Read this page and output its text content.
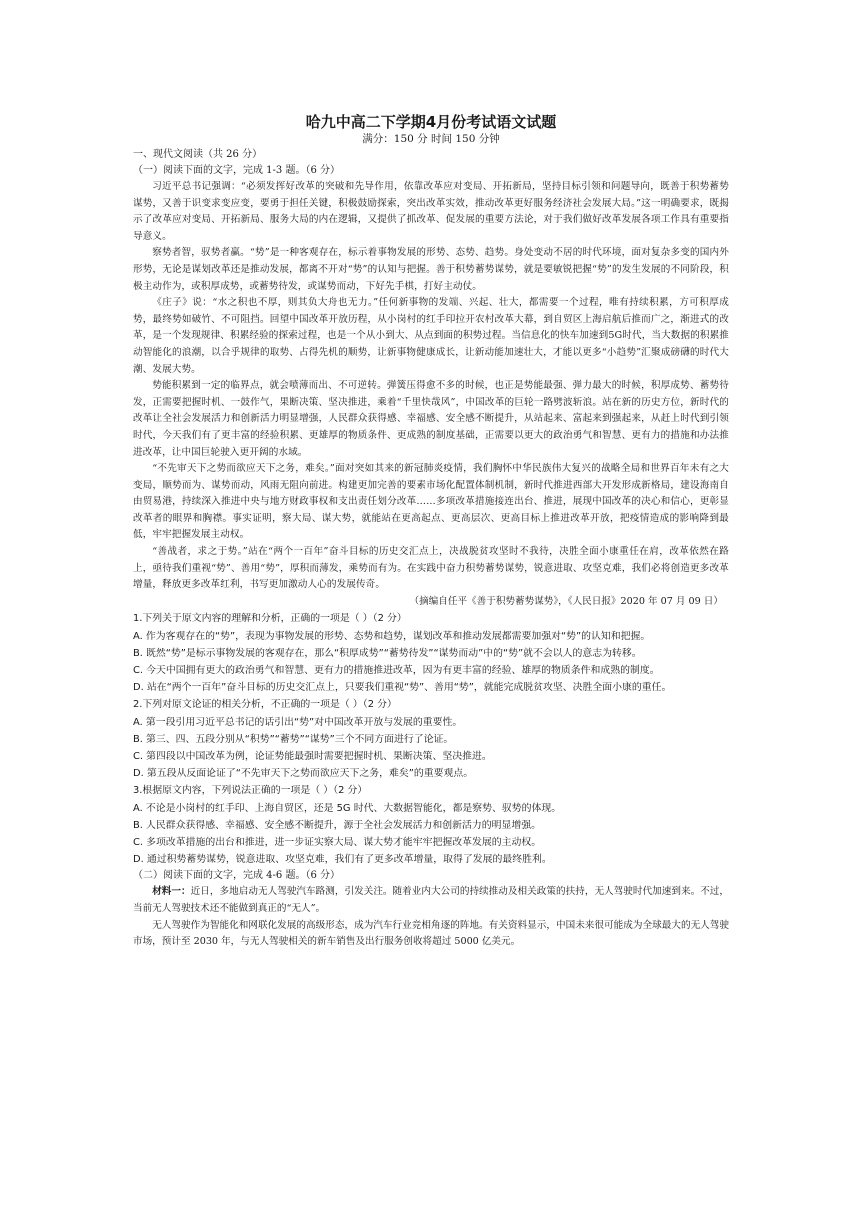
哈九中高二下学期4月份考试语文试题

满分：150 分 时间 150 分钟

一、现代文阅读（共 26 分）

（一）阅读下面的文字，完成 1-3 题。（6 分）

习近平总书记强调：“必须发挥好改革的突破和先导作用，依靠改革应对变局、开拓新局，坚持目标引领和问题导向，既善于积势蓄势谋势，又善于识变求变应变，要勇于担任关键，积极鼓励探索，突出改革实效，推动改革更好服务经济社会发展大局。”这一明确要求，既揭示了改革应对变局、开拓新局、服务大局的内在逻辑，又提供了抓改革、促发展的重要方法论，对于我们做好改革发展各项工作具有重要指导意义。

察势者智，驭势者赢。“势”是一种客观存在，标示着事物发展的形势、态势、趋势。身处变动不居的时代环境，面对复杂多变的国内外形势，无论是谋划改革还是推动发展，都离不开对“势”的认知与把握。善于积势蓄势谋势，就是要敏锐把握“势”的发生发展的不同阶段，积极主动作为，或积厚成势，或蓄势待发，或谋势而动，下好先手棋，打好主动仗。

《庄子》说：“水之积也不厚，则其负大舟也无力。”任何新事物的发端、兴起、壮大，都需要一个过程，唯有持续积累，方可积厚成势，最终势如破竹、不可阻挡。回望中国改革开放历程，从小岗村的红手印拉开农村改革大幕，到自贸区上海启航后推而广之，渐进式的改革，是一个发现规律、积累经验的探索过程，也是一个从小到大、从点到面的积势过程。当信息化的快车加速到5G时代，当大数据的积累推动智能化的浪潮，以合乎规律的取势、占得先机的顺势，让新事物健康成长，让新动能加速壮大，才能以更多“小趋势”汇聚成磅礴的时代大潮、发展大势。

势能积累到一定的临界点，就会喷薄而出、不可逆转。弹簧压得愈不多的时候，也正是势能最强、弹力最大的时候，积厚成势、蓄势待发，正需要把握时机、一鼓作气，果断决策、坚决推进，乘着“千里快哉风”，中国改革的巨轮一路劈波斩浪。站在新的历史方位，新时代的改革让全社会发展活力和创新活力明显增强，人民群众获得感、幸福感、安全感不断提升，从站起来、富起来到强起来，从赶上时代到引领时代，今天我们有了更丰富的经验积累、更雄厚的物质条件、更成熟的制度基础，正需要以更大的政治勇气和智慧、更有力的措施和办法推进改革，让中国巨轮驶入更开阔的水域。

“不先审天下之势而欲应天下之务，难矣。”面对突如其来的新冠肺炎疫情，我们胸怀中华民族伟大复兴的战略全局和世界百年未有之大变局，顺势而为、谋势而动，风雨无阻向前进。构建更加完善的要素市场化配置体制机制，新时代推进西部大开发形成新格局，建设海南自由贸易港，持续深入推进中央与地方财政事权和支出责任划分改革……多项改革措施接连出台、推进，展现中国改革的决心和信心，更彰显改革者的眼界和胸襟。事实证明，察大局、谋大势，就能站在更高起点、更高层次、更高目标上推进改革开放，把疫情造成的影响降到最低，牢牢把握发展主动权。

“善战者，求之于势。”站在“两个一百年”奋斗目标的历史交汇点上，决战脱贫攻坚时不我待，决胜全面小康重任在肩，改革依然在路上，亟待我们重视“势”、善用“势”，厚积而薄发，乘势而有为。在实践中奋力积势蓄势谋势，锐意进取、攻坚克难，我们必将创造更多改革增量，释放更多改革红利，书写更加激动人心的发展传奇。

（摘编自任平《善于积势蓄势谋势》，《人民日报》2020 年 07 月 09 日）

1.下列关于原文内容的理解和分析，正确的一项是（ ）（2 分）

A. 作为客观存在的“势”，表现为事物发展的形势、态势和趋势，谋划改革和推动发展都需要加强对“势”的认知和把握。

B. 既然“势”是标示事物发展的客观存在，那么“积厚成势”“蓄势待发”“谋势而动”中的“势”就不会以人的意志为转移。

C. 今天中国拥有更大的政治勇气和智慧、更有力的措施推进改革，因为有更丰富的经验、雄厚的物质条件和成熟的制度。

D. 站在“两个一百年”奋斗目标的历史交汇点上，只要我们重视“势”、善用“势”，就能完成脱贫攻坚、决胜全面小康的重任。

2.下列对原文论证的相关分析，不正确的一项是（ ）（2 分）

A. 第一段引用习近平总书记的话引出“势”对中国改革开放与发展的重要性。

B. 第三、四、五段分别从“积势”“蓄势”“谋势”三个不同方面进行了论证。

C. 第四段以中国改革为例，论证势能最强时需要把握时机、果断决策、坚决推进。

D. 第五段从反面论证了“不先审天下之势而欲应天下之务，难矣”的重要观点。

3.根据原文内容，下列说法正确的一项是（ ）（2 分）

A. 不论是小岗村的红手印、上海自贸区，还是 5G 时代、大数据智能化，都是察势、驭势的体现。

B. 人民群众获得感、幸福感、安全感不断提升，源于全社会发展活力和创新活力的明显增强。

C. 多项改革措施的出台和推进，进一步证实察大局、谋大势才能牢牢把握改革发展的主动权。

D. 通过积势蓄势谋势，锐意进取、攻坚克难，我们有了更多改革增量，取得了发展的最终胜利。

（二）阅读下面的文字，完成 4-6 题。（6 分）

材料一：近日，多地启动无人驾驶汽车路测，引发关注。随着业内大公司的持续推动及相关政策的扶持，无人驾驶时代加速到来。不过，当前无人驾驶技术还不能做到真正的“无人”。

无人驾驶作为智能化和网联化发展的高级形态，成为汽车行业竞相角逐的阵地。有关资料显示，中国未来很可能成为全球最大的无人驾驶市场，预计至 2030 年，与无人驾驶相关的新车销售及出行服务创收将超过 5000 亿美元。
